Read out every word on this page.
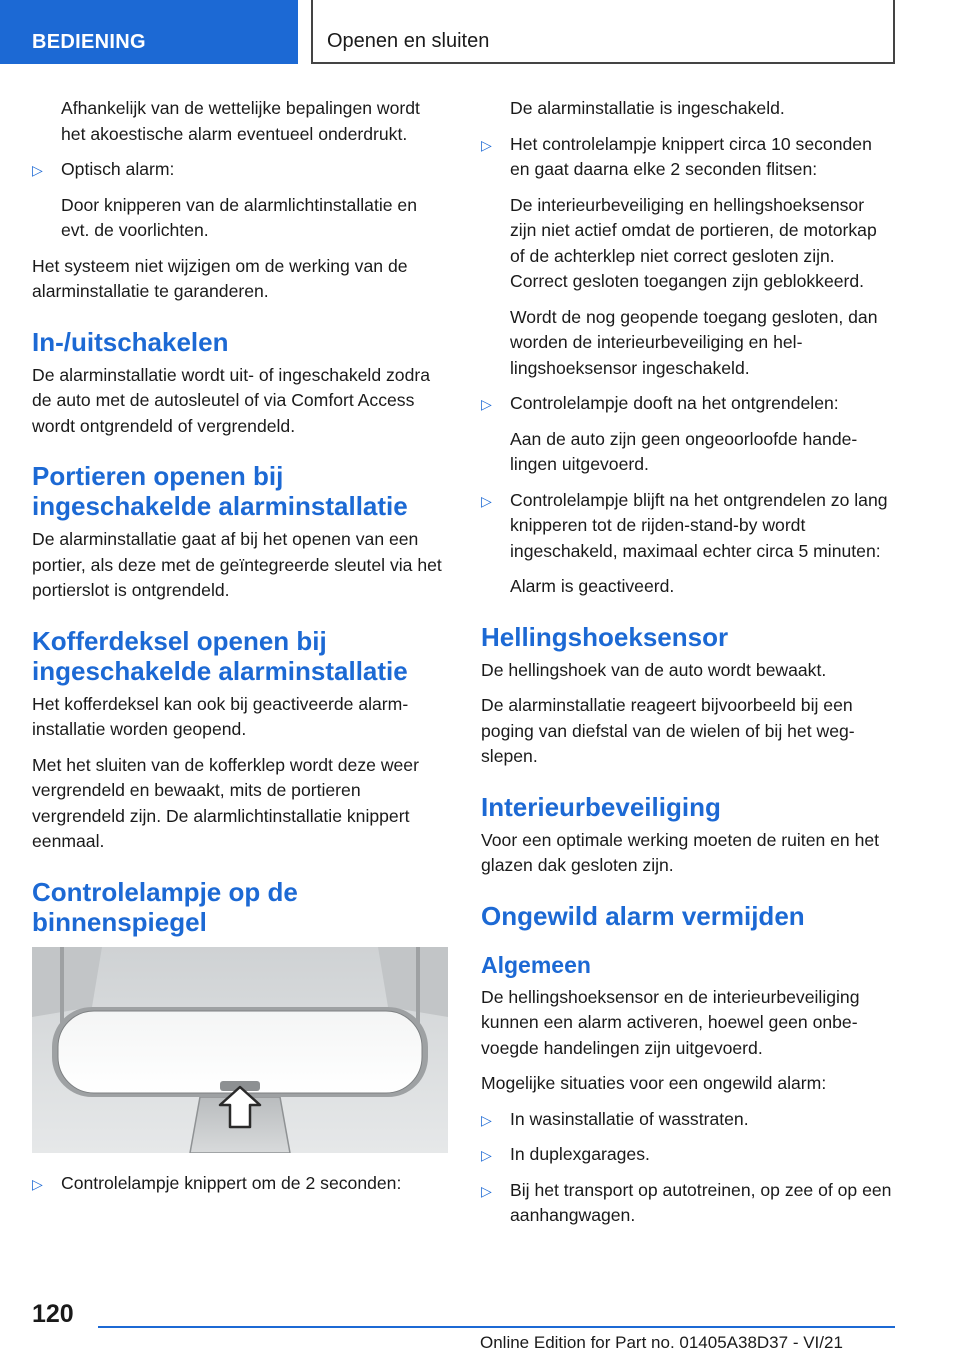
BEDIENING	Openen en sluiten

Afhankelijk van de wettelijke bepalingen wordt het akoestische alarm eventueel onderdrukt.

▷ Optisch alarm:

Door knipperen van de alarmlichtinstallatie en evt. de voorlichten.

Het systeem niet wijzigen om de werking van de alarminstallatie te garanderen.

In-/uitschakelen

De alarminstallatie wordt uit- of ingeschakeld zodra de auto met de autosleutel of via Comfort Access wordt ontgrendeld of vergrendeld.

Portieren openen bij ingeschakelde alarminstallatie

De alarminstallatie gaat af bij het openen van een portier, als deze met de geïntegreerde sleutel via het portierslot is ontgrendeld.

Kofferdeksel openen bij ingeschakelde alarminstallatie

Het kofferdeksel kan ook bij geactiveerde alarminstallatie worden geopend.

Met het sluiten van de kofferklep wordt deze weer vergrendeld en bewaakt, mits de portieren vergrendeld zijn. De alarmlichtinstallatie knippert eenmaal.

Controlelampje op de binnenspiegel
▷ Controlelampje knippert om de 2 seconden:

De alarminstallatie is ingeschakeld.

▷ Het controlelampje knippert circa 10 seconden en gaat daarna elke 2 seconden flitsen:

De interieurbeveiliging en hellingshoeksensor zijn niet actief omdat de portieren, de motorkap of de achterklep niet correct gesloten zijn. Correct gesloten toegangen zijn geblokkeerd.

Wordt de nog geopende toegang gesloten, dan worden de interieurbeveiliging en hellingshoeksensor ingeschakeld.

▷ Controlelampje dooft na het ontgrendelen:

Aan de auto zijn geen ongeoorloofde handelingen uitgevoerd.

▷ Controlelampje blijft na het ontgrendelen zo lang knipperen tot de rijden-stand-by wordt ingeschakeld, maximaal echter circa 5 minuten:

Alarm is geactiveerd.

Hellingshoeksensor

De hellingshoek van de auto wordt bewaakt.

De alarminstallatie reageert bijvoorbeeld bij een poging van diefstal van de wielen of bij het wegslepen.

Interieurbeveiliging

Voor een optimale werking moeten de ruiten en het glazen dak gesloten zijn.

Ongewild alarm vermijden
Algemeen

De hellingshoeksensor en de interieurbeveiliging kunnen een alarm activeren, hoewel geen onbevoegde handelingen zijn uitgevoerd.

Mogelijke situaties voor een ongewild alarm:

▷ In wasinstallatie of wasstraten.

▷ In duplexgarages.

▷ Bij het transport op autotreinen, op zee of op een aanhangwagen.

120
Online Edition for Part no. 01405A38D37 - VI/21
